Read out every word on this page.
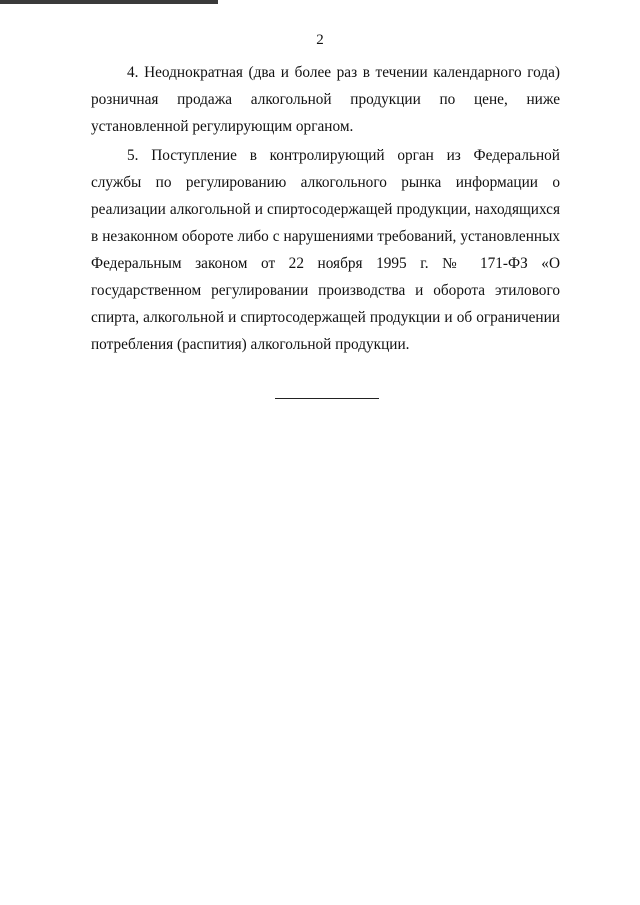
2

4. Неоднократная (два и более раз в течении календарного года) розничная продажа алкогольной продукции по цене, ниже установленной регулирующим органом.

5. Поступление в контролирующий орган из Федеральной службы по регулированию алкогольного рынка информации о реализации алкогольной и спиртосодержащей продукции, находящихся в незаконном обороте либо с нарушениями требований, установленных Федеральным законом от 22 ноября 1995 г. № 171-ФЗ «О государственном регулировании производства и оборота этилового спирта, алкогольной и спиртосодержащей продукции и об ограничении потребления (распития) алкогольной продукции.
